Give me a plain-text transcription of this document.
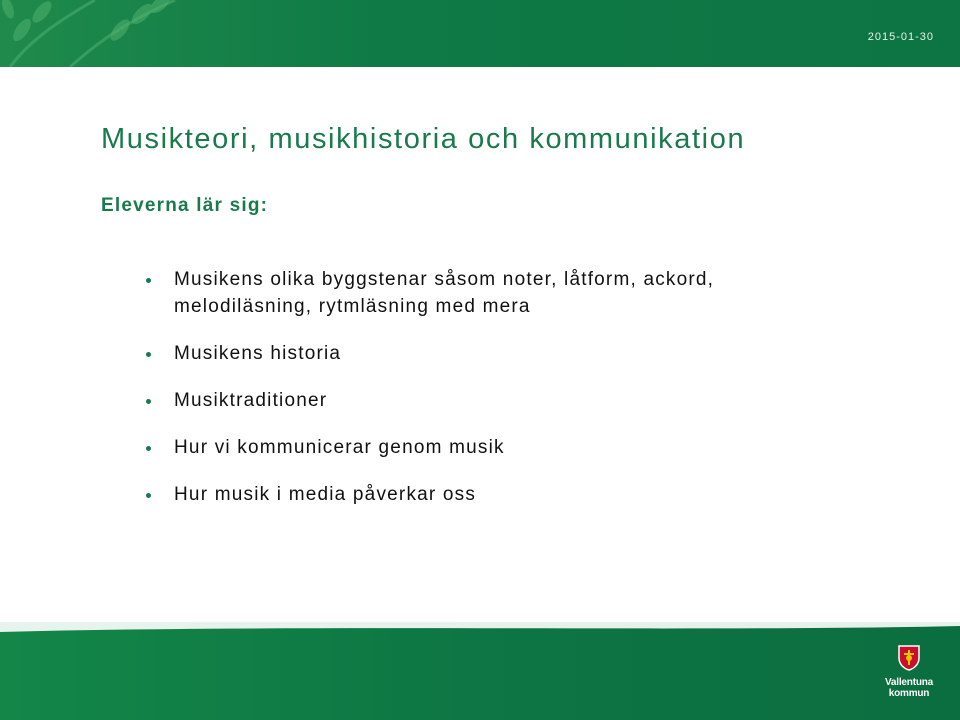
2015-01-30
Musikteori, musikhistoria och kommunikation
Eleverna lär sig:
Musikens olika byggstenar såsom noter, låtform, ackord, melodiläsning, rytmläsning med mera
Musikens historia
Musiktraditioner
Hur vi kommunicerar genom musik
Hur musik i media påverkar oss
Vallentuna
kommun
